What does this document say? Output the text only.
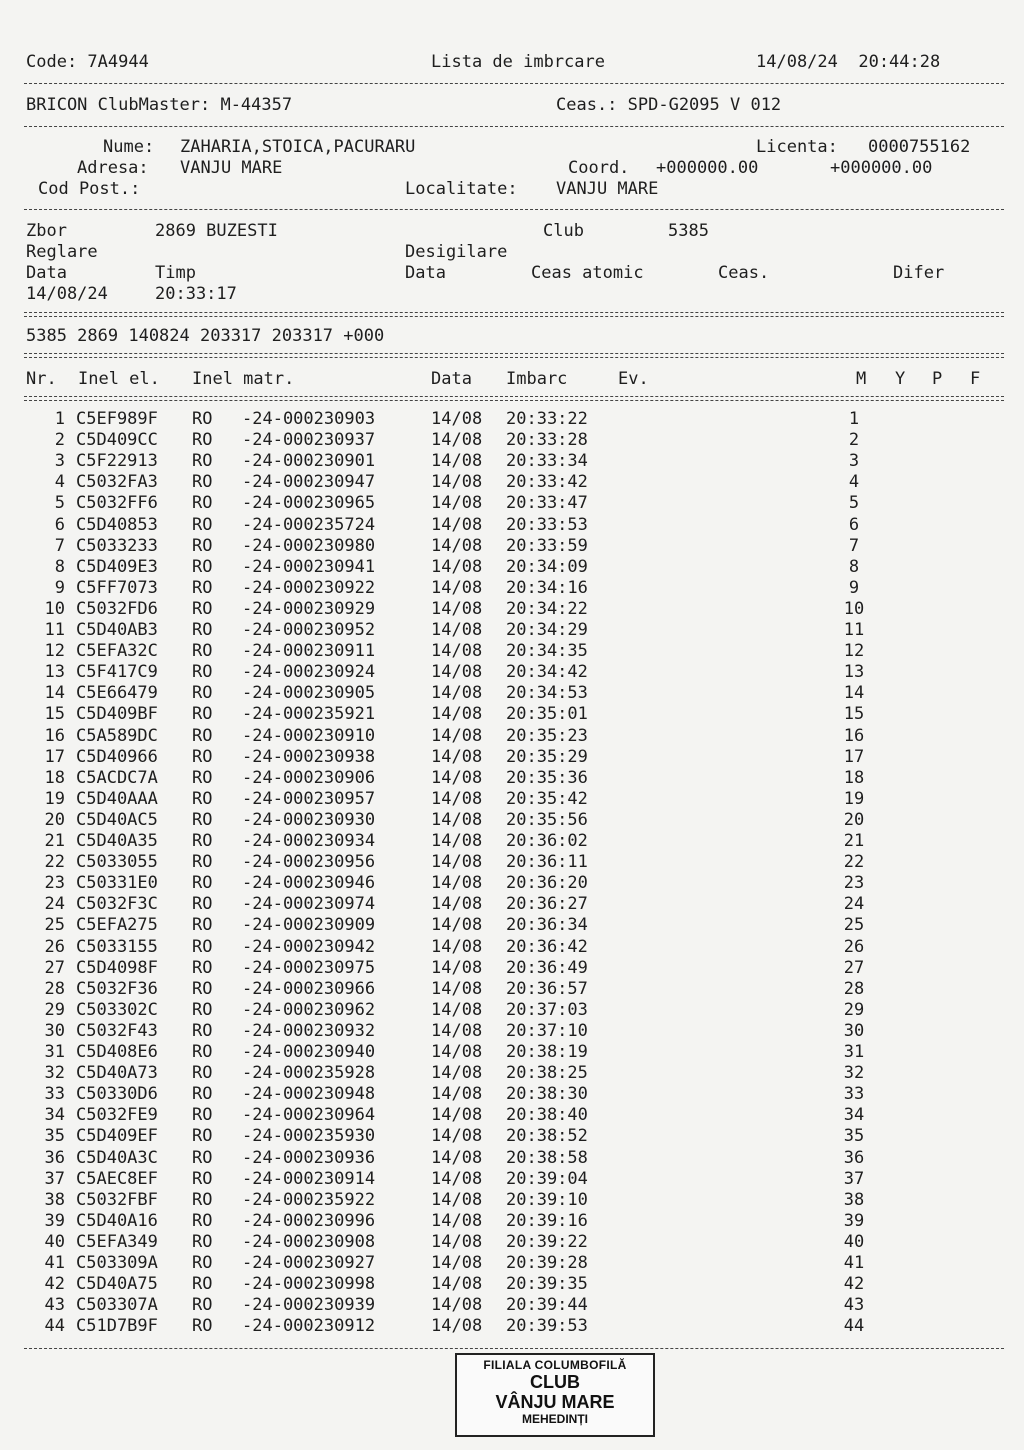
Code: 7A4944	Lista de imbrcare	14/08/24  20:44:28
BRICON ClubMaster: M-44357	Ceas.: SPD-G2095 V 012
Nume: ZAHARIA,STOICA,PACURARU	Licenta: 0000755162
Adresa: VANJU MARE	Coord. +000000.00	+000000.00
Cod Post.:	Localitate: VANJU MARE
Zbor	2869 BUZESTI	Club	5385
Reglare	Desigilare
Data	Timp	Data	Ceas atomic	Ceas.	Difer
14/08/24	20:33:17
5385 2869 140824 203317 203317 +000
Nr. Inel el. Inel matr.	Data Imbarc	Ev.	M Y P F
1 C5EF989F RO -24-000230903	14/08 20:33:22	1
2 C5D409CC RO -24-000230937	14/08 20:33:28	2
3 C5F22913 RO -24-000230901	14/08 20:33:34	3
4 C5032FA3 RO -24-000230947	14/08 20:33:42	4
5 C5032FF6 RO -24-000230965	14/08 20:33:47	5
6 C5D40853 RO -24-000235724	14/08 20:33:53	6
7 C5033233 RO -24-000230980	14/08 20:33:59	7
8 C5D409E3 RO -24-000230941	14/08 20:34:09	8
9 C5FF7073 RO -24-000230922	14/08 20:34:16	9
10 C5032FD6 RO -24-000230929	14/08 20:34:22	10
11 C5D40AB3 RO -24-000230952	14/08 20:34:29	11
12 C5EFA32C RO -24-000230911	14/08 20:34:35	12
13 C5F417C9 RO -24-000230924	14/08 20:34:42	13
14 C5E66479 RO -24-000230905	14/08 20:34:53	14
15 C5D409BF RO -24-000235921	14/08 20:35:01	15
16 C5A589DC RO -24-000230910	14/08 20:35:23	16
17 C5D40966 RO -24-000230938	14/08 20:35:29	17
18 C5ACDC7A RO -24-000230906	14/08 20:35:36	18
19 C5D40AAA RO -24-000230957	14/08 20:35:42	19
20 C5D40AC5 RO -24-000230930	14/08 20:35:56	20
21 C5D40A35 RO -24-000230934	14/08 20:36:02	21
22 C5033055 RO -24-000230956	14/08 20:36:11	22
23 C50331E0 RO -24-000230946	14/08 20:36:20	23
24 C5032F3C RO -24-000230974	14/08 20:36:27	24
25 C5EFA275 RO -24-000230909	14/08 20:36:34	25
26 C5033155 RO -24-000230942	14/08 20:36:42	26
27 C5D4098F RO -24-000230975	14/08 20:36:49	27
28 C5032F36 RO -24-000230966	14/08 20:36:57	28
29 C503302C RO -24-000230962	14/08 20:37:03	29
30 C5032F43 RO -24-000230932	14/08 20:37:10	30
31 C5D408E6 RO -24-000230940	14/08 20:38:19	31
32 C5D40A73 RO -24-000235928	14/08 20:38:25	32
33 C50330D6 RO -24-000230948	14/08 20:38:30	33
34 C5032FE9 RO -24-000230964	14/08 20:38:40	34
35 C5D409EF RO -24-000235930	14/08 20:38:52	35
36 C5D40A3C RO -24-000230936	14/08 20:38:58	36
37 C5AEC8EF RO -24-000230914	14/08 20:39:04	37
38 C5032FBF RO -24-000235922	14/08 20:39:10	38
39 C5D40A16 RO -24-000230996	14/08 20:39:16	39
40 C5EFA349 RO -24-000230908	14/08 20:39:22	40
41 C503309A RO -24-000230927	14/08 20:39:28	41
42 C5D40A75 RO -24-000230998	14/08 20:39:35	42
43 C503307A RO -24-000230939	14/08 20:39:44	43
44 C51D7B9F RO -24-000230912	14/08 20:39:53	44
FILIALA COLUMBOFILĂ
CLUB
VÂNJU MARE
MEHEDINȚI
